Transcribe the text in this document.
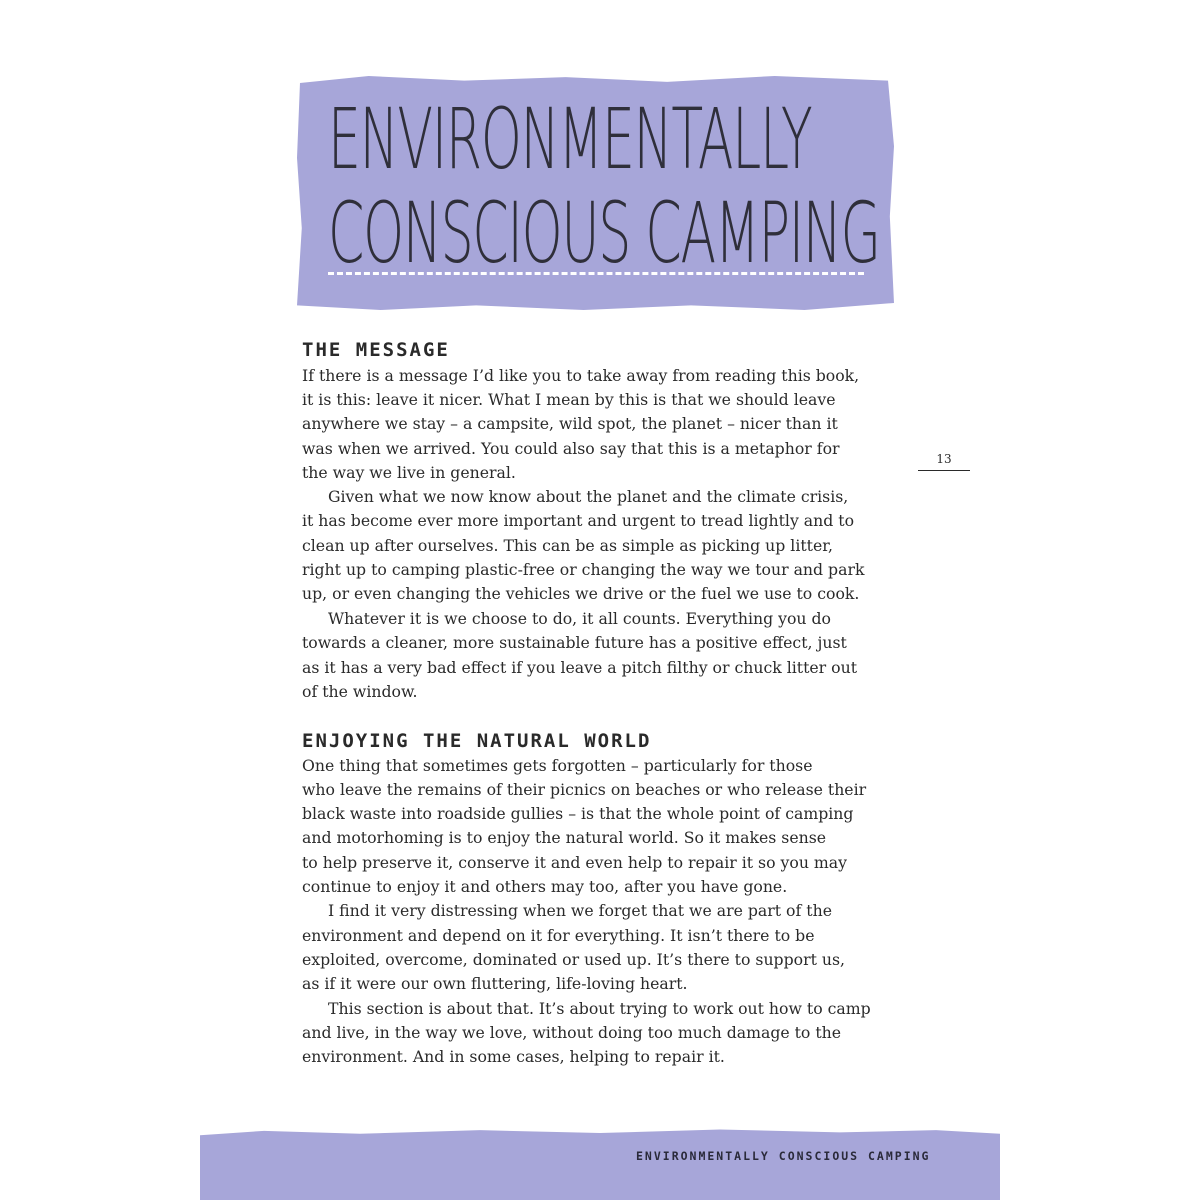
ENVIRONMENTALLY
CONSCIOUS CAMPING
THE MESSAGE
If there is a message I’d like you to take away from reading this book,
it is this: leave it nicer. What I mean by this is that we should leave
anywhere we stay – a campsite, wild spot, the planet – nicer than it
was when we arrived. You could also say that this is a metaphor for
the way we live in general.
Given what we now know about the planet and the climate crisis,
it has become ever more important and urgent to tread lightly and to
clean up after ourselves. This can be as simple as picking up litter,
right up to camping plastic-free or changing the way we tour and park
up, or even changing the vehicles we drive or the fuel we use to cook.
Whatever it is we choose to do, it all counts. Everything you do
towards a cleaner, more sustainable future has a positive effect, just
as it has a very bad effect if you leave a pitch filthy or chuck litter out
of the window.
ENJOYING THE NATURAL WORLD
One thing that sometimes gets forgotten – particularly for those
who leave the remains of their picnics on beaches or who release their
black waste into roadside gullies – is that the whole point of camping
and motorhoming is to enjoy the natural world. So it makes sense
to help preserve it, conserve it and even help to repair it so you may
continue to enjoy it and others may too, after you have gone.
I find it very distressing when we forget that we are part of the
environment and depend on it for everything. It isn’t there to be
exploited, overcome, dominated or used up. It’s there to support us,
as if it were our own fluttering, life-loving heart.
This section is about that. It’s about trying to work out how to camp
and live, in the way we love, without doing too much damage to the
environment. And in some cases, helping to repair it.
13
ENVIRONMENTALLY CONSCIOUS CAMPING
